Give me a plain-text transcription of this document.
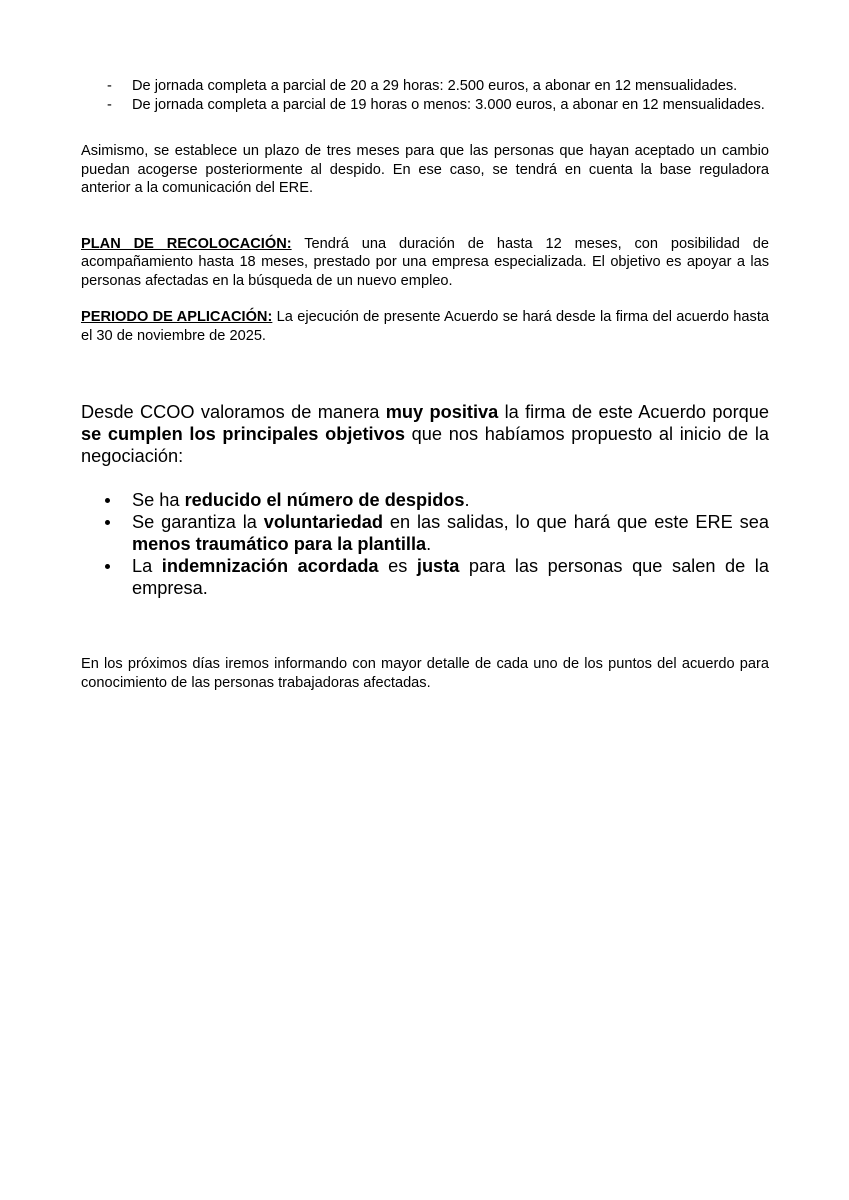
- De jornada completa a parcial de 20 a 29 horas: 2.500 euros, a abonar en 12 mensualidades.
- De jornada completa a parcial de 19 horas o menos: 3.000 euros, a abonar en 12 mensualidades.

Asimismo, se establece un plazo de tres meses para que las personas que hayan aceptado un cambio puedan acogerse posteriormente al despido. En ese caso, se tendrá en cuenta la base reguladora anterior a la comunicación del ERE.

PLAN DE RECOLOCACIÓN: Tendrá una duración de hasta 12 meses, con posibilidad de acompañamiento hasta 18 meses, prestado por una empresa especializada. El objetivo es apoyar a las personas afectadas en la búsqueda de un nuevo empleo.

PERIODO DE APLICACIÓN: La ejecución de presente Acuerdo se hará desde la firma del acuerdo hasta el 30 de noviembre de 2025.

Desde CCOO valoramos de manera muy positiva la firma de este Acuerdo porque se cumplen los principales objetivos que nos habíamos propuesto al inicio de la negociación:

Se ha reducido el número de despidos.
Se garantiza la voluntariedad en las salidas, lo que hará que este ERE sea menos traumático para la plantilla.
La indemnización acordada es justa para las personas que salen de la empresa.

En los próximos días iremos informando con mayor detalle de cada uno de los puntos del acuerdo para conocimiento de las personas trabajadoras afectadas.
